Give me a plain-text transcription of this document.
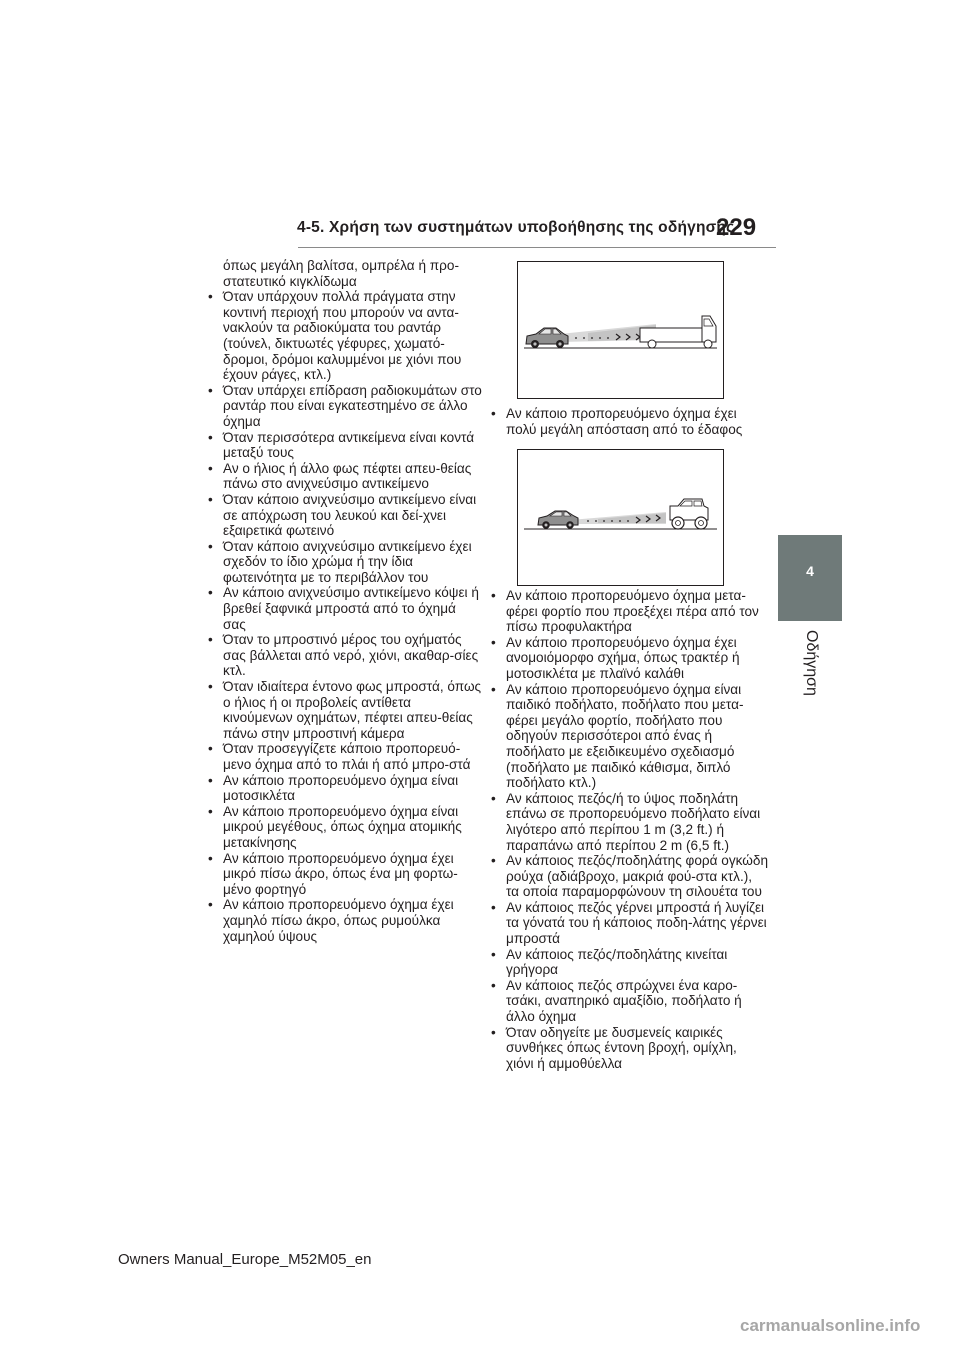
4-5. Χρήση των συστημάτων υποβοήθησης της οδήγησης
229
4
Οδήγηση

όπως μεγάλη βαλίτσα, ομπρέλα ή προ-στατευτικό κιγκλίδωμα

• Όταν υπάρχουν πολλά πράγματα στην κοντινή περιοχή που μπορούν να αντα-νακλούν τα ραδιοκύματα του ραντάρ (τούνελ, δικτυωτές γέφυρες, χωματό-δρομοι, δρόμοι καλυμμένοι με χιόνι που έχουν ράγες, κτλ.)
• Όταν υπάρχει επίδραση ραδιοκυμάτων στο ραντάρ που είναι εγκατεστημένο σε άλλο όχημα
• Όταν περισσότερα αντικείμενα είναι κοντά μεταξύ τους
• Αν ο ήλιος ή άλλο φως πέφτει απευ-θείας πάνω στο ανιχνεύσιμο αντικείμενο
• Όταν κάποιο ανιχνεύσιμο αντικείμενο είναι σε απόχρωση του λευκού και δεί-χνει εξαιρετικά φωτεινό
• Όταν κάποιο ανιχνεύσιμο αντικείμενο έχει σχεδόν το ίδιο χρώμα ή την ίδια φωτεινότητα με το περιβάλλον του
• Αν κάποιο ανιχνεύσιμο αντικείμενο κόψει ή βρεθεί ξαφνικά μπροστά από το όχημά σας
• Όταν το μπροστινό μέρος του οχήματός σας βάλλεται από νερό, χιόνι, ακαθαρ-σίες κτλ.
• Όταν ιδιαίτερα έντονο φως μπροστά, όπως ο ήλιος ή οι προβολείς αντίθετα κινούμενων οχημάτων, πέφτει απευ-θείας πάνω στην μπροστινή κάμερα
• Όταν προσεγγίζετε κάποιο προπορευό-μενο όχημα από το πλάι ή από μπρο-στά
• Αν κάποιο προπορευόμενο όχημα είναι μοτοσικλέτα
• Αν κάποιο προπορευόμενο όχημα είναι μικρού μεγέθους, όπως όχημα ατομικής μετακίνησης
• Αν κάποιο προπορευόμενο όχημα έχει μικρό πίσω άκρο, όπως ένα μη φορτω-μένο φορτηγό
• Αν κάποιο προπορευόμενο όχημα έχει χαμηλό πίσω άκρο, όπως ρυμούλκα χαμηλού ύψους
• Αν κάποιο προπορευόμενο όχημα έχει πολύ μεγάλη απόσταση από το έδαφος
• Αν κάποιο προπορευόμενο όχημα μετα-φέρει φορτίο που προεξέχει πέρα από τον πίσω προφυλακτήρα
• Αν κάποιο προπορευόμενο όχημα έχει ανομοιόμορφο σχήμα, όπως τρακτέρ ή μοτοσικλέτα με πλαϊνό καλάθι
• Αν κάποιο προπορευόμενο όχημα είναι παιδικό ποδήλατο, ποδήλατο που μετα-φέρει μεγάλο φορτίο, ποδήλατο που οδηγούν περισσότεροι από ένας ή ποδήλατο με εξειδικευμένο σχεδιασμό (ποδήλατο με παιδικό κάθισμα, διπλό ποδήλατο κτλ.)
• Αν κάποιος πεζός/ή το ύψος ποδηλάτη επάνω σε προπορευόμενο ποδήλατο είναι λιγότερο από περίπου 1 m (3,2 ft.) ή παραπάνω από περίπου 2 m (6,5 ft.)
• Αν κάποιος πεζός/ποδηλάτης φορά ογκώδη ρούχα (αδιάβροχο, μακριά φού-στα κτλ.), τα οποία παραμορφώνουν τη σιλουέτα του
• Αν κάποιος πεζός γέρνει μπροστά ή λυγίζει τα γόνατά του ή κάποιος ποδη-λάτης γέρνει μπροστά
• Αν κάποιος πεζός/ποδηλάτης κινείται γρήγορα
• Αν κάποιος πεζός σπρώχνει ένα καρο-τσάκι, αναπηρικό αμαξίδιο, ποδήλατο ή άλλο όχημα
• Όταν οδηγείτε με δυσμενείς καιρικές συνθήκες όπως έντονη βροχή, ομίχλη, χιόνι ή αμμοθύελλα
Owners Manual_Europe_M52M05_en
carmanualsonline.info
